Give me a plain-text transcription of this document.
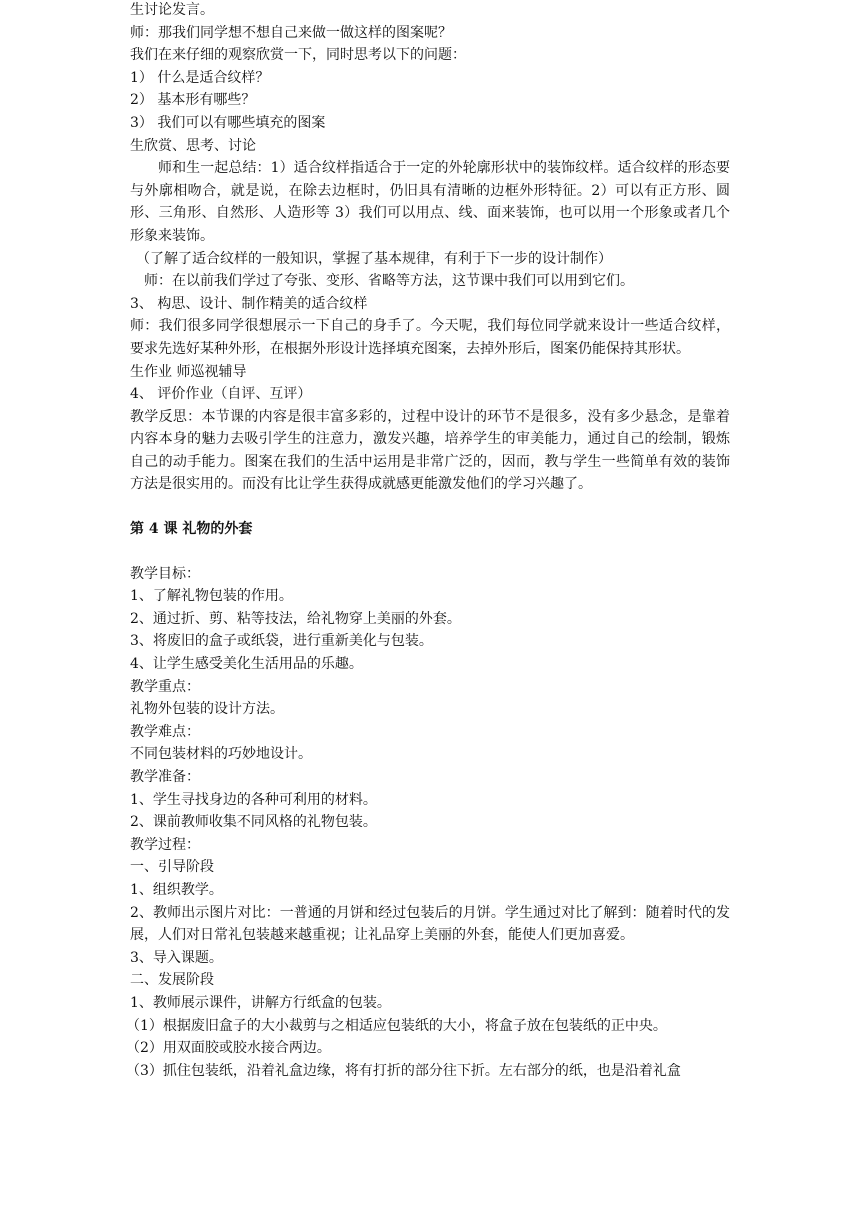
生讨论发言。
师：那我们同学想不想自己来做一做这样的图案呢？
我们在来仔细的观察欣赏一下，同时思考以下的问题：
1） 什么是适合纹样？
2） 基本形有哪些？
3） 我们可以有哪些填充的图案
生欣赏、思考、讨论

师和生一起总结：1）适合纹样指适合于一定的外轮廓形状中的装饰纹样。适合纹样的形态要与外廓相吻合，就是说，在除去边框时，仍旧具有清晰的边框外形特征。2）可以有正方形、圆形、三角形、自然形、人造形等 3）我们可以用点、线、面来装饰，也可以用一个形象或者几个形象来装饰。

（了解了适合纹样的一般知识，掌握了基本规律，有利于下一步的设计制作）
师：在以前我们学过了夸张、变形、省略等方法，这节课中我们可以用到它们。
3、 构思、设计、制作精美的适合纹样

师：我们很多同学很想展示一下自己的身手了。今天呢，我们每位同学就来设计一些适合纹样，要求先选好某种外形，在根据外形设计选择填充图案，去掉外形后，图案仍能保持其形状。

生作业 师巡视辅导
4、 评价作业（自评、互评）

教学反思：本节课的内容是很丰富多彩的，过程中设计的环节不是很多，没有多少悬念，是靠着内容本身的魅力去吸引学生的注意力，激发兴趣，培养学生的审美能力，通过自己的绘制，锻炼自己的动手能力。图案在我们的生活中运用是非常广泛的，因而，教与学生一些简单有效的装饰方法是很实用的。而没有比让学生获得成就感更能激发他们的学习兴趣了。

第 4 课 礼物的外套
教学目标：
1、了解礼物包装的作用。
2、通过折、剪、粘等技法，给礼物穿上美丽的外套。
3、将废旧的盒子或纸袋，进行重新美化与包装。
4、让学生感受美化生活用品的乐趣。
教学重点：
礼物外包装的设计方法。
教学难点：
不同包装材料的巧妙地设计。
教学准备：
1、学生寻找身边的各种可利用的材料。
2、课前教师收集不同风格的礼物包装。
教学过程：
一、引导阶段
1、组织教学。

2、教师出示图片对比：一普通的月饼和经过包装后的月饼。学生通过对比了解到：随着时代的发展，人们对日常礼包装越来越重视；让礼品穿上美丽的外套，能使人们更加喜爱。

3、导入课题。
二、发展阶段
1、教师展示课件，讲解方行纸盒的包装。
（1）根据废旧盒子的大小裁剪与之相适应包装纸的大小，将盒子放在包装纸的正中央。
（2）用双面胶或胶水接合两边。
（3）抓住包装纸，沿着礼盒边缘，将有打折的部分往下折。左右部分的纸，也是沿着礼盒
